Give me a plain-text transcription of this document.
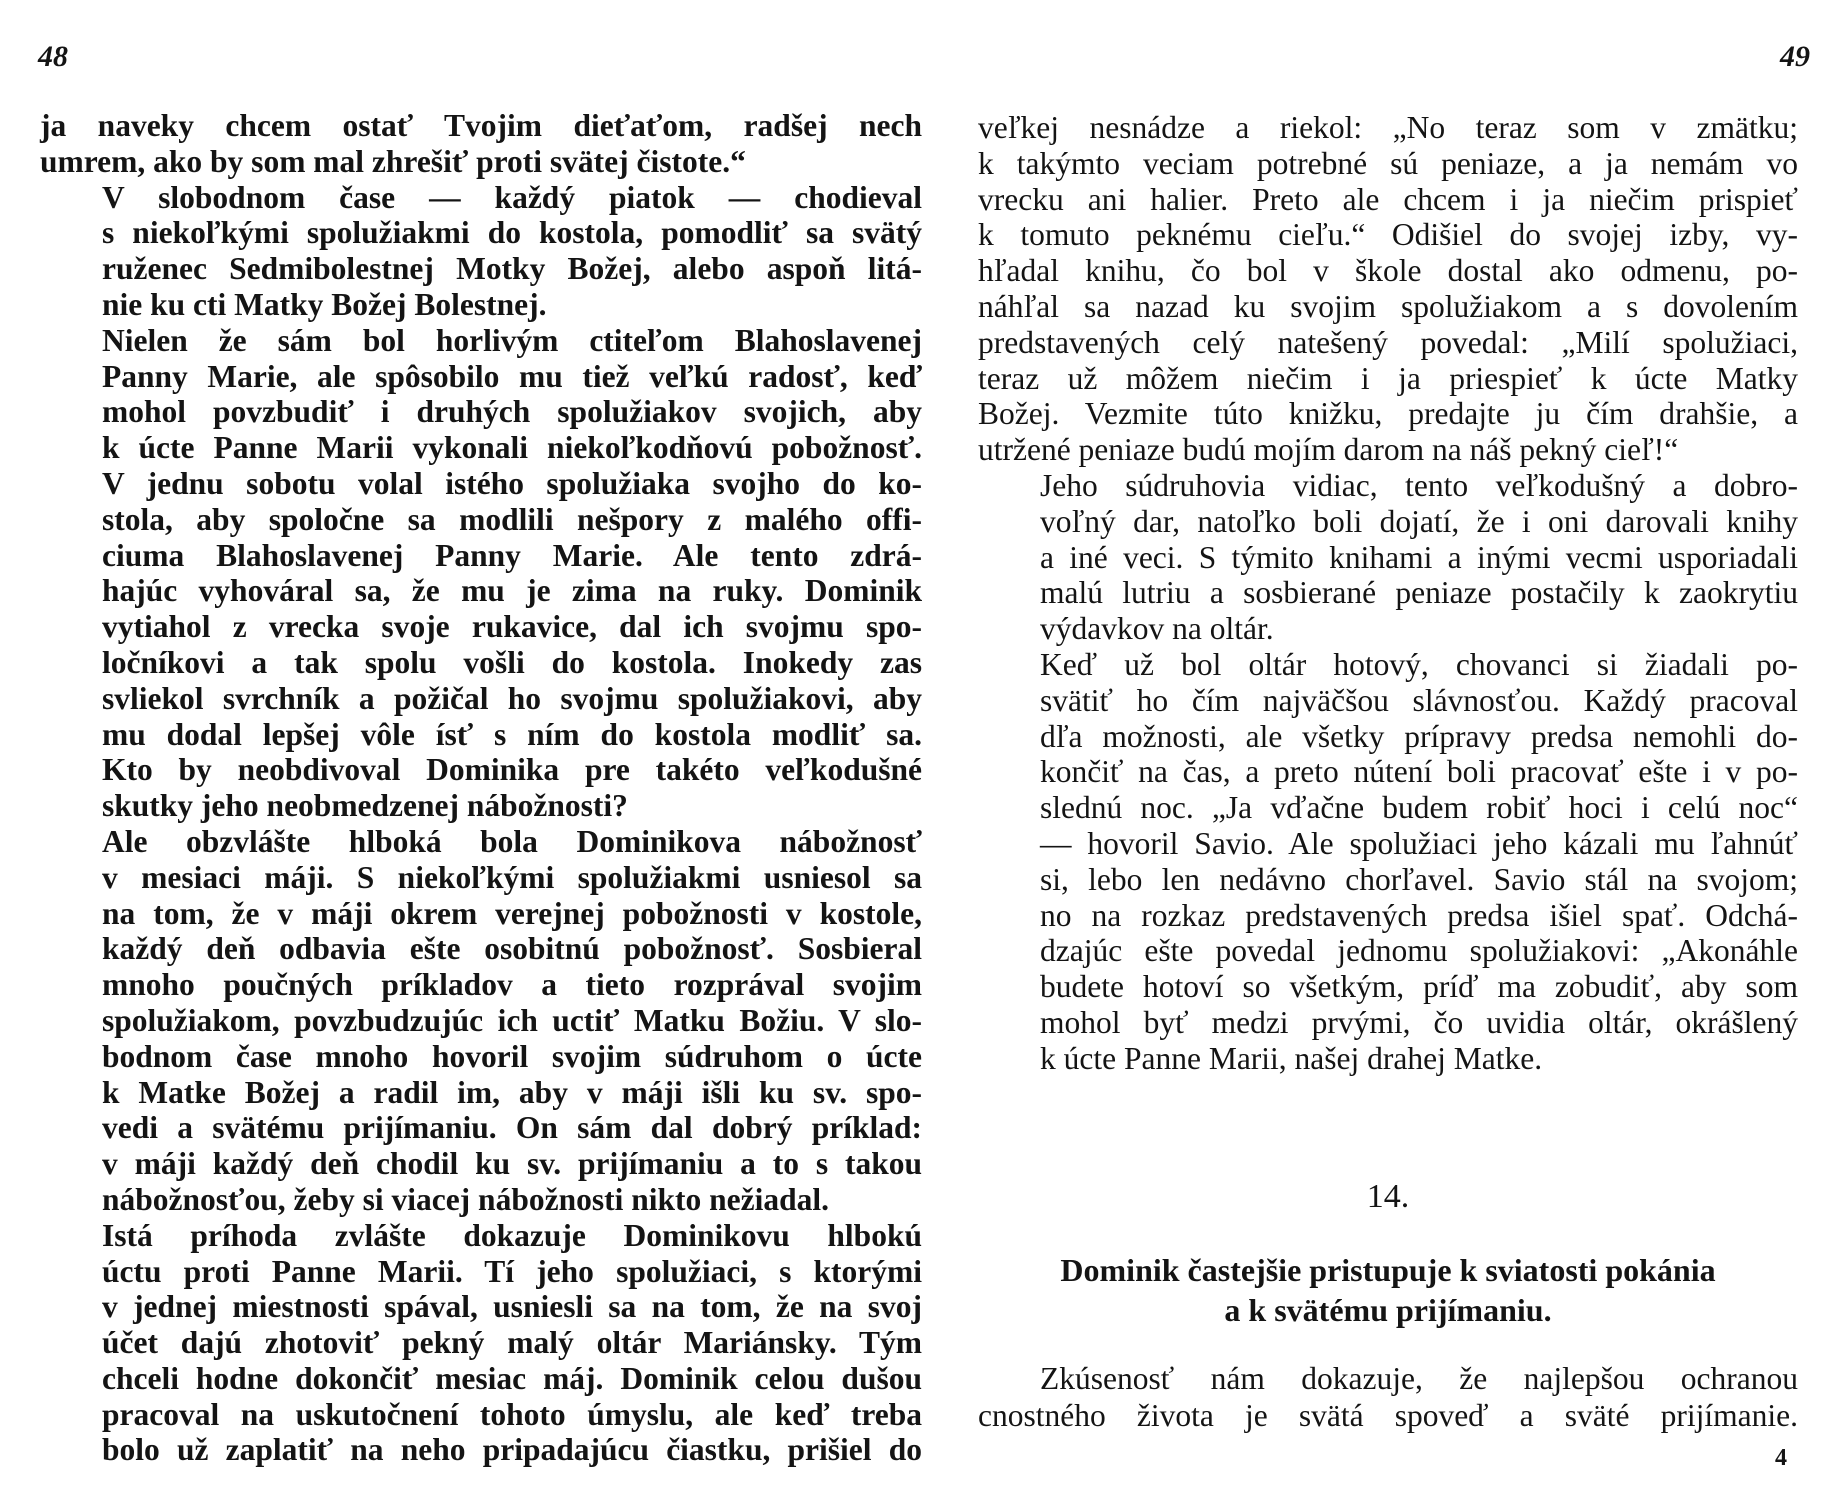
48	49
ja naveky chcem ostať Tvojim dieťaťom, radšej nech
umrem, ako by som mal zhrešiť proti svätej čistote.“
V slobodnom čase — každý piatok — chodieval
s niekoľkými spolužiakmi do kostola, pomodliť sa svätý
ruženec Sedmibolestnej Motky Božej, alebo aspoň litá-
nie ku cti Matky Božej Bolestnej.
Nielen že sám bol horlivým ctiteľom Blahoslavenej
Panny Marie, ale spôsobilo mu tiež veľkú radosť, keď
mohol povzbudiť i druhých spolužiakov svojich, aby
k úcte Panne Marii vykonali niekoľkodňovú pobožnosť.
V jednu sobotu volal istého spolužiaka svojho do ko-
stola, aby spoločne sa modlili nešpory z malého offi-
ciuma Blahoslavenej Panny Marie. Ale tento zdrá-
hajúc vyhováral sa, že mu je zima na ruky. Dominik
vytiahol z vrecka svoje rukavice, dal ich svojmu spo-
ločníkovi a tak spolu vošli do kostola. Inokedy zas
svliekol svrchník a požičal ho svojmu spolužiakovi, aby
mu dodal lepšej vôle ísť s ním do kostola modliť sa.
Kto by neobdivoval Dominika pre takéto veľkodušné
skutky jeho neobmedzenej nábožnosti?
Ale obzvlášte hlboká bola Dominikova nábožnosť
v mesiaci máji. S niekoľkými spolužiakmi usniesol sa
na tom, že v máji okrem verejnej pobožnosti v kostole,
každý deň odbavia ešte osobitnú pobožnosť. Sosbieral
mnoho poučných príkladov a tieto rozprával svojim
spolužiakom, povzbudzujúc ich uctiť Matku Božiu. V slo-
bodnom čase mnoho hovoril svojim súdruhom o úcte
k Matke Božej a radil im, aby v máji išli ku sv. spo-
vedi a svätému prijímaniu. On sám dal dobrý príklad:
v máji každý deň chodil ku sv. prijímaniu a to s takou
nábožnosťou, žeby si viacej nábožnosti nikto nežiadal.
Istá príhoda zvlášte dokazuje Dominikovu hlbokú
úctu proti Panne Marii. Tí jeho spolužiaci, s ktorými
v jednej miestnosti spával, usniesli sa na tom, že na svoj
účet dajú zhotoviť pekný malý oltár Mariánsky. Tým
chceli hodne dokončiť mesiac máj. Dominik celou dušou
pracoval na uskutočnení tohoto úmyslu, ale keď treba
bolo už zaplatiť na neho pripadajúcu čiastku, prišiel do
veľkej nesnádze a riekol: „No teraz som v zmätku;
k takýmto veciam potrebné sú peniaze, a ja nemám vo
vrecku ani halier. Preto ale chcem i ja niečim prispieť
k tomuto peknému cieľu.“ Odišiel do svojej izby, vy-
hľadal knihu, čo bol v škole dostal ako odmenu, po-
náhľal sa nazad ku svojim spolužiakom a s dovolením
predstavených celý natešený povedal: „Milí spolužiaci,
teraz už môžem niečim i ja priespieť k úcte Matky
Božej. Vezmite túto knižku, predajte ju čím drahšie, a
utržené peniaze budú mojím darom na náš pekný cieľ!“
Jeho súdruhovia vidiac, tento veľkodušný a dobro-
voľný dar, natoľko boli dojatí, že i oni darovali knihy
a iné veci. S týmito knihami a inými vecmi usporiadali
malú lutriu a sosbierané peniaze postačily k zaokrytiu
výdavkov na oltár.
Keď už bol oltár hotový, chovanci si žiadali po-
svätiť ho čím najväčšou slávnosťou. Každý pracoval
dľa možnosti, ale všetky prípravy predsa nemohli do-
končiť na čas, a preto nútení boli pracovať ešte i v po-
slednú noc. „Ja vďačne budem robiť hoci i celú noc“
— hovoril Savio. Ale spolužiaci jeho kázali mu ľahnúť
si, lebo len nedávno chorľavel. Savio stál na svojom;
no na rozkaz predstavených predsa išiel spať. Odchá-
dzajúc ešte povedal jednomu spolužiakovi: „Akonáhle
budete hotoví so všetkým, príď ma zobudiť, aby som
mohol byť medzi prvými, čo uvidia oltár, okrášlený
k úcte Panne Marii, našej drahej Matke.
14.
Dominik častejšie pristupuje k sviatosti pokánia
a k svätému prijímaniu.
Zkúsenosť nám dokazuje, že najlepšou ochranou
cnostného života je svätá spoveď a sväté prijímanie.
4
